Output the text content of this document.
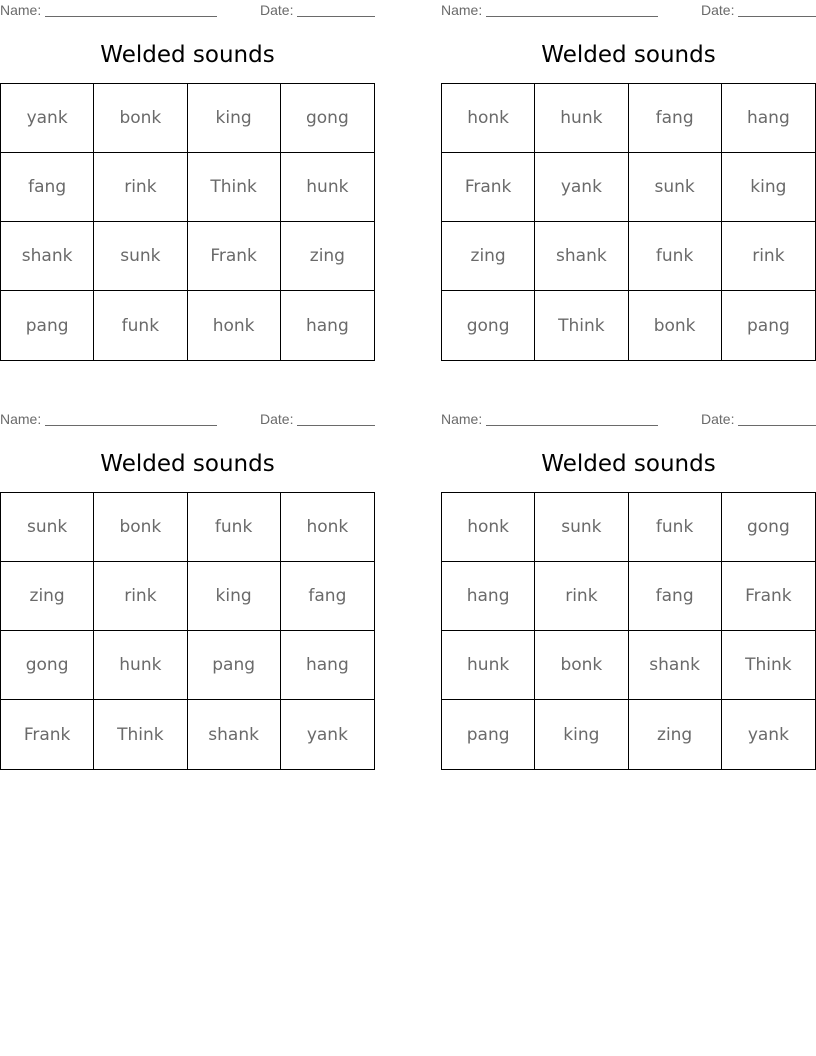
Name:	Date:
Welded sounds
yank	bonk	king	gong
fang	rink	Think	hunk
shank	sunk	Frank	zing
pang	funk	honk	hang
Name:	Date:
Welded sounds
honk	hunk	fang	hang
Frank	yank	sunk	king
zing	shank	funk	rink
gong	Think	bonk	pang
Name:	Date:
Welded sounds
sunk	bonk	funk	honk
zing	rink	king	fang
gong	hunk	pang	hang
Frank	Think	shank	yank
Name:	Date:
Welded sounds
honk	sunk	funk	gong
hang	rink	fang	Frank
hunk	bonk	shank	Think
pang	king	zing	yank
